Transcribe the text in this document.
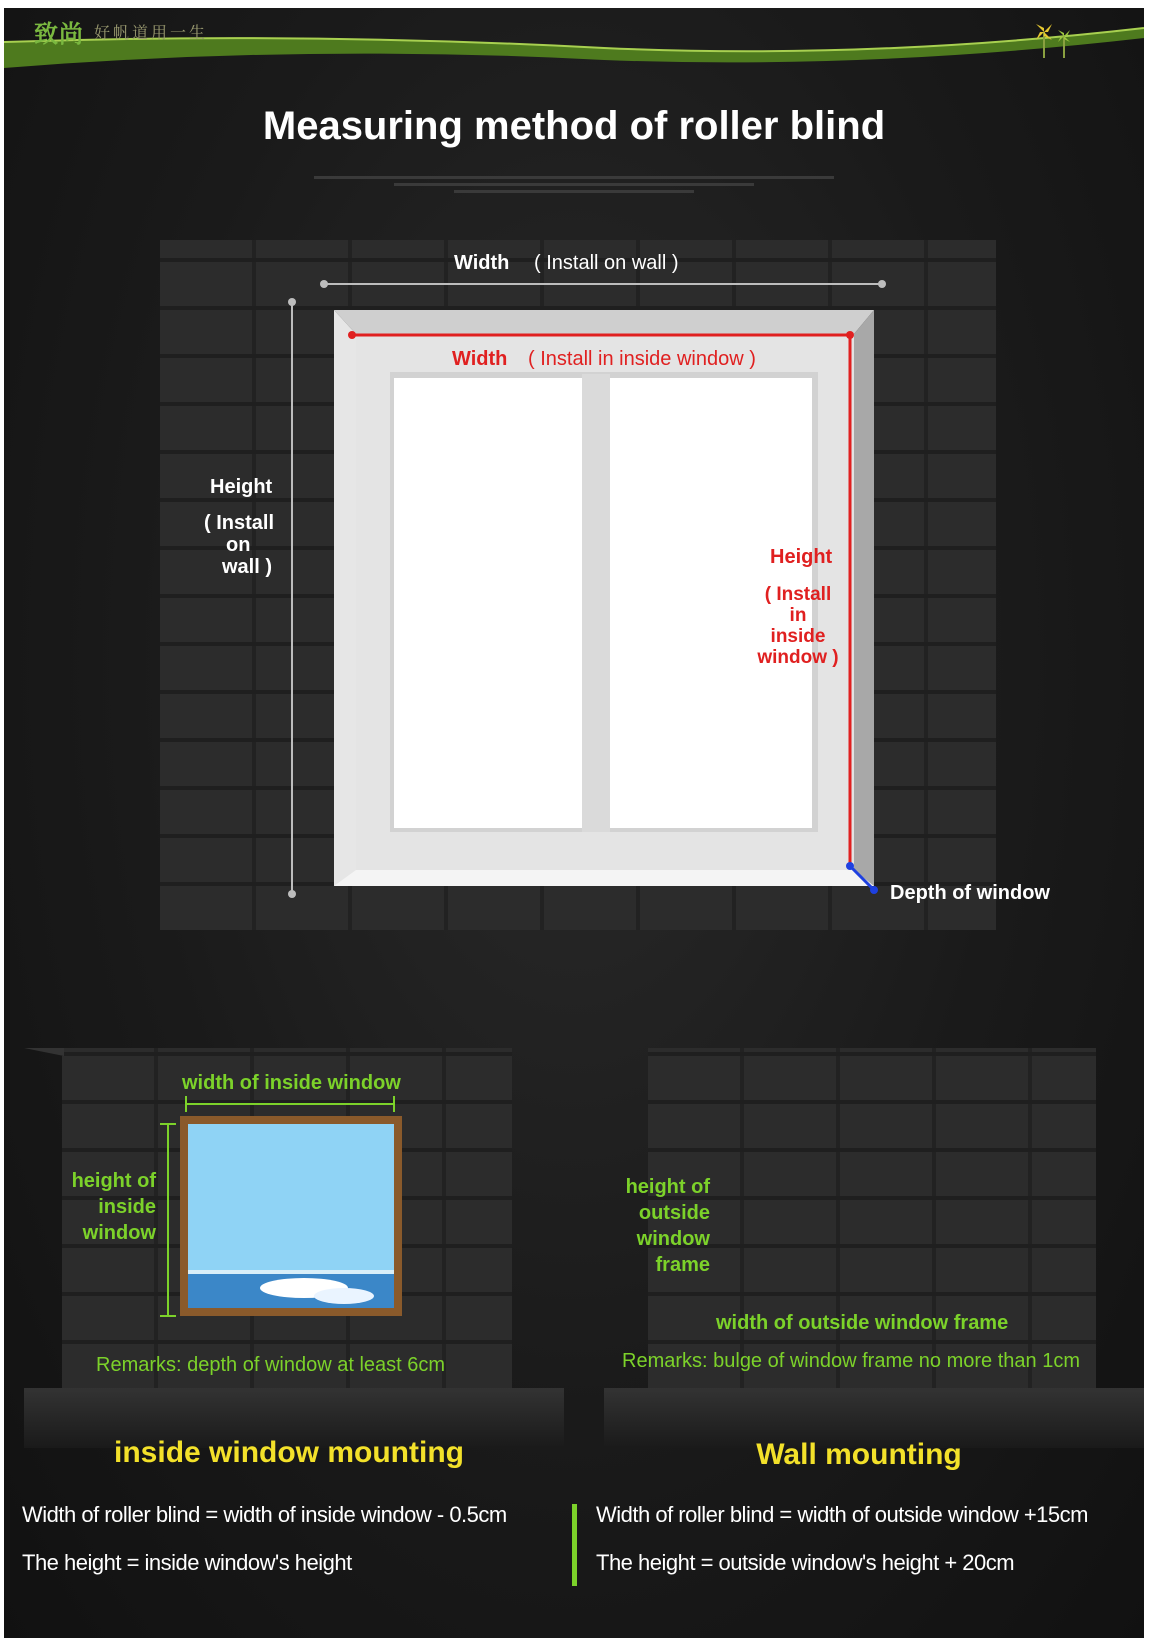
致尚 好帆道用一生
Measuring method of roller blind
Width ( Install on wall )
Width ( Install in inside window )
Height
( Install
on
wall )	Height
( Install
in
inside
window )
Depth of window
width of inside window
height of
inside
window
Remarks: depth of window at least 6cm
width of outside window frame
height of
outside
window
frame
Remarks: bulge of window frame no more than 1cm
inside window mounting	Wall mounting
Width of roller blind = width of inside window - 0.5cm
The height = inside window's height
Width of roller blind = width of outside window +15cm
The height = outside window's height + 20cm
